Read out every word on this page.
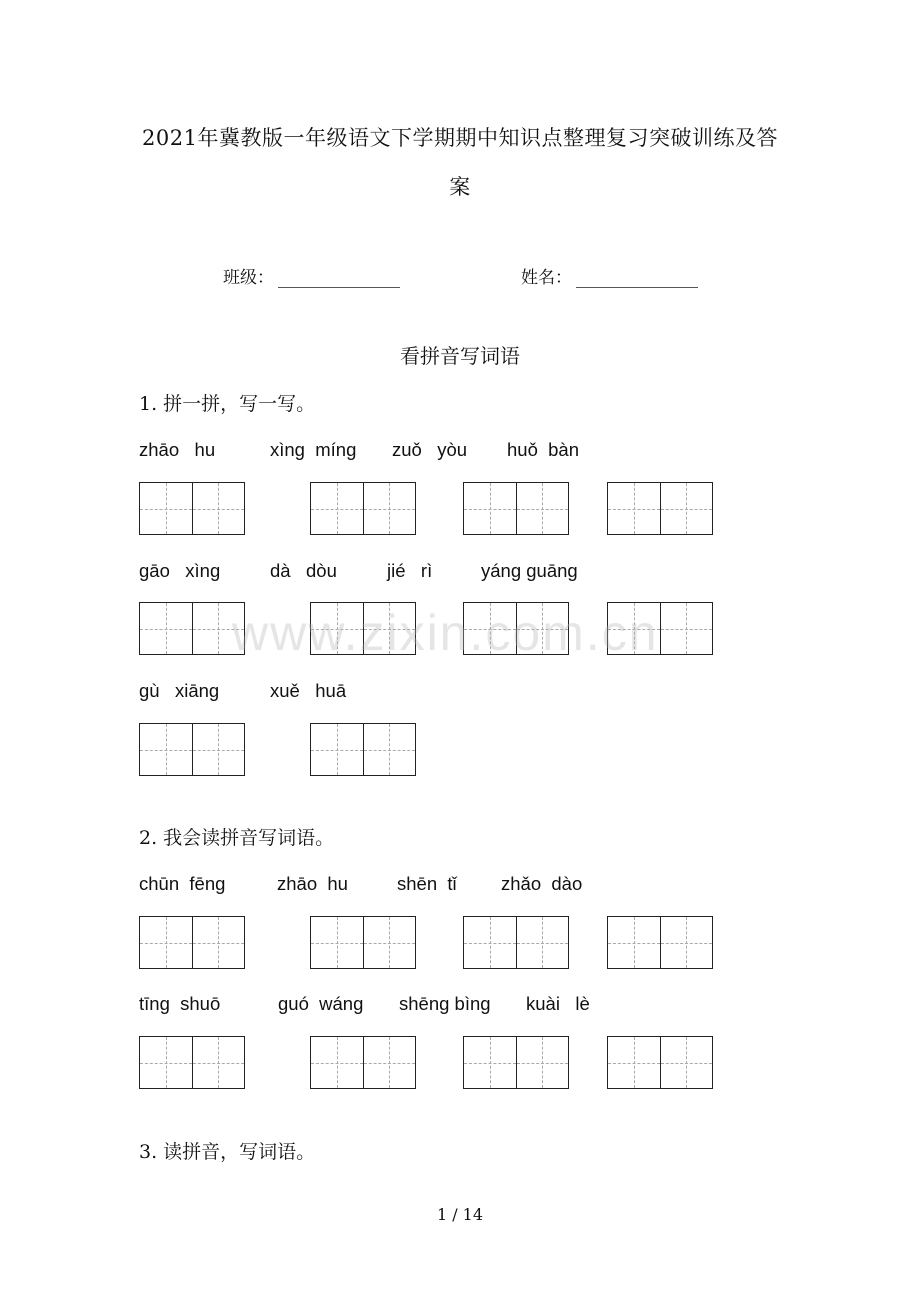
2021年冀教版一年级语文下学期期中知识点整理复习突破训练及答
案
班级：	姓名：
看拼音写词语
1. 拼一拼，写一写。
zhāo   hu	xìng  míng zuǒ   yòu huǒ  bàn
gāo   xìng	dà   dòu	jié   rì	yáng guāng
www.zixin.com.cn
gù   xiāng	xuě   huā
2. 我会读拼音写词语。
chūn  fēng	zhāo  hu	shēn  tǐ zhǎo  dào
tīng  shuō	guó  wáng shēng bìng kuài   lè
3. 读拼音，写词语。
1 / 14
